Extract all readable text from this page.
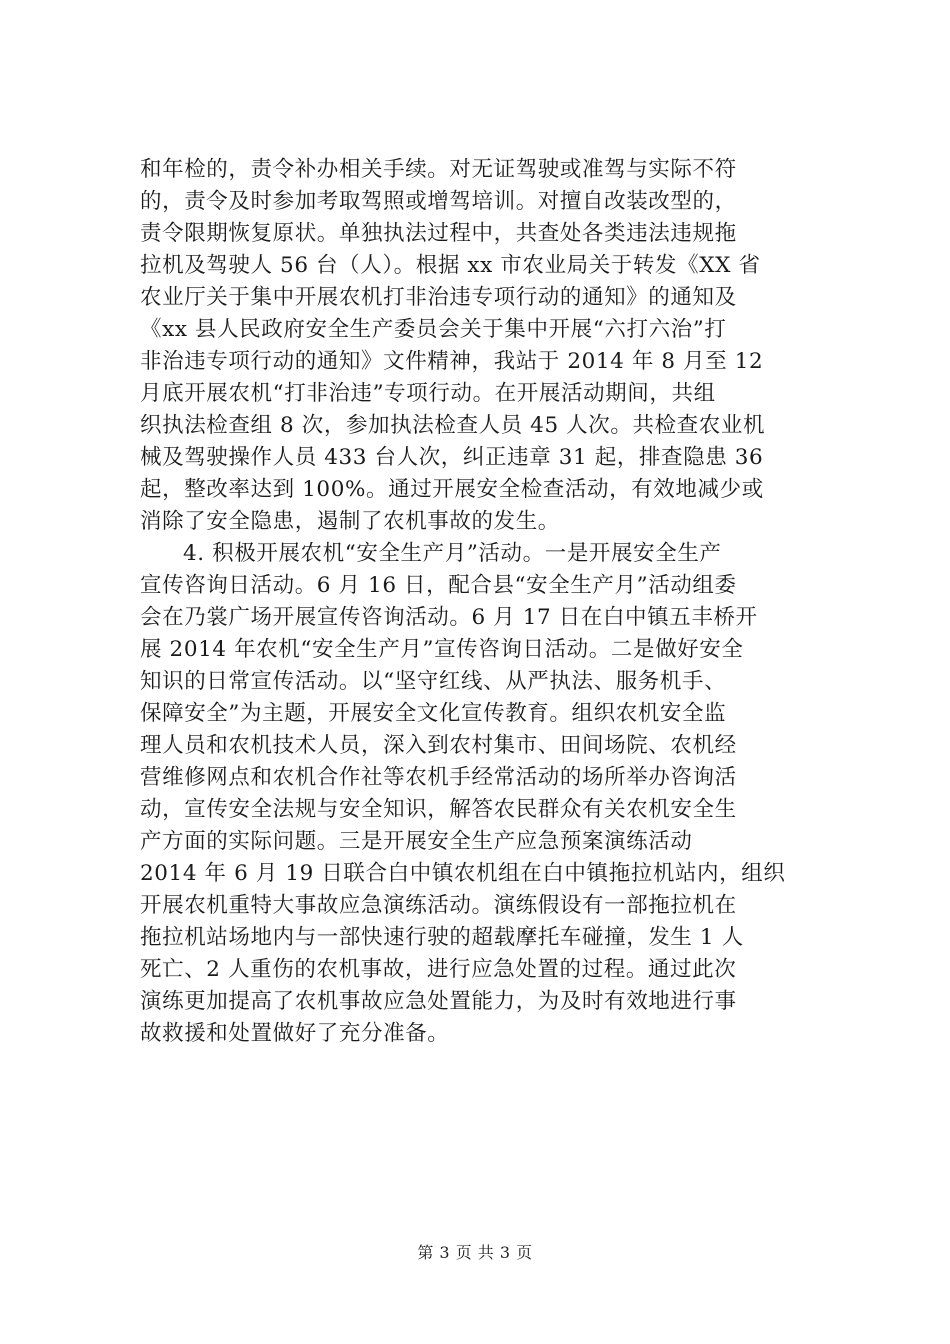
和年检的，责令补办相关手续。对无证驾驶或准驾与实际不符
的，责令及时参加考取驾照或增驾培训。对擅自改装改型的，
责令限期恢复原状。单独执法过程中，共查处各类违法违规拖
拉机及驾驶人 56 台（人）。根据 xx 市农业局关于转发《XX 省
农业厅关于集中开展农机打非治违专项行动的通知》的通知及
《xx 县人民政府安全生产委员会关于集中开展“六打六治”打
非治违专项行动的通知》文件精神，我站于 2014 年 8 月至 12
月底开展农机“打非治违”专项行动。在开展活动期间，共组
织执法检查组 8 次，参加执法检查人员 45 人次。共检查农业机
械及驾驶操作人员 433 台人次，纠正违章 31 起，排查隐患 36
起，整改率达到 100%。通过开展安全检查活动，有效地减少或
消除了安全隐患，遏制了农机事故的发生。
4. 积极开展农机“安全生产月”活动。一是开展安全生产
宣传咨询日活动。6 月 16 日，配合县“安全生产月”活动组委
会在乃裳广场开展宣传咨询活动。6 月 17 日在白中镇五丰桥开
展 2014 年农机“安全生产月”宣传咨询日活动。二是做好安全
知识的日常宣传活动。以“坚守红线、从严执法、服务机手、
保障安全”为主题，开展安全文化宣传教育。组织农机安全监
理人员和农机技术人员，深入到农村集市、田间场院、农机经
营维修网点和农机合作社等农机手经常活动的场所举办咨询活
动，宣传安全法规与安全知识，解答农民群众有关农机安全生
产方面的实际问题。三是开展安全生产应急预案演练活动
2014 年 6 月 19 日联合白中镇农机组在白中镇拖拉机站内，组织
开展农机重特大事故应急演练活动。演练假设有一部拖拉机在
拖拉机站场地内与一部快速行驶的超载摩托车碰撞，发生 1 人
死亡、2 人重伤的农机事故，进行应急处置的过程。通过此次
演练更加提高了农机事故应急处置能力，为及时有效地进行事
故救援和处置做好了充分准备。
第 3 页 共 3 页
